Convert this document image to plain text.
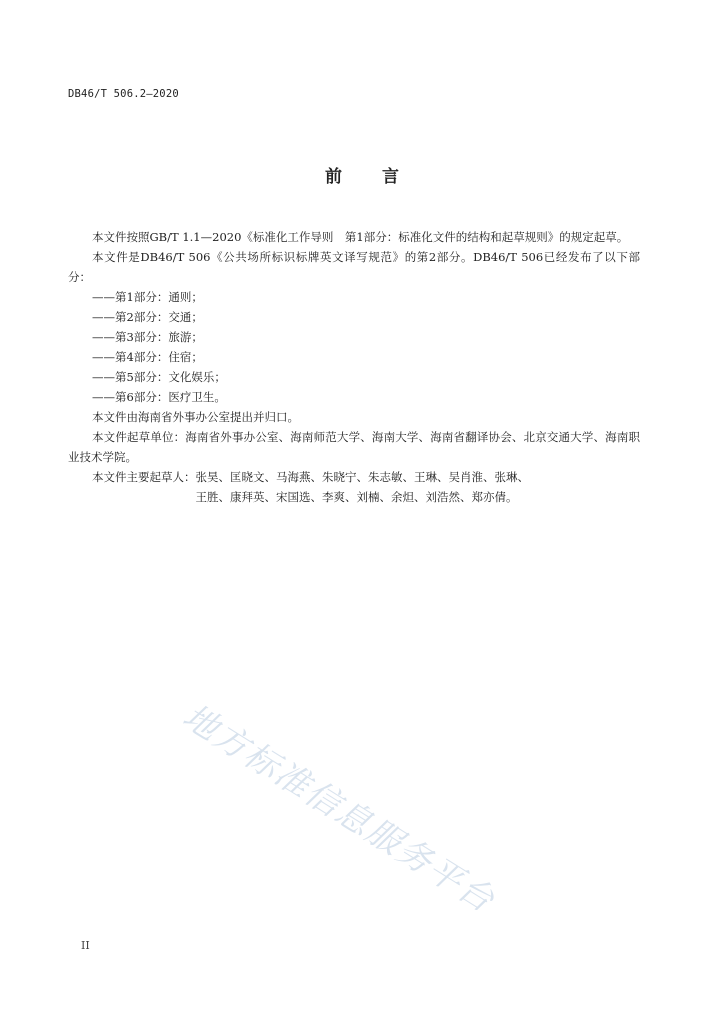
DB46/T 506.2—2020
前 言

本文件按照GB/T 1.1—2020《标准化工作导则　第1部分：标准化文件的结构和起草规则》的规定起草。

本文件是DB46/T 506《公共场所标识标牌英文译写规范》的第2部分。DB46/T 506已经发布了以下部分：

——第1部分：通则；

——第2部分：交通；

——第3部分：旅游；

——第4部分：住宿；

——第5部分：文化娱乐；

——第6部分：医疗卫生。

本文件由海南省外事办公室提出并归口。

本文件起草单位：海南省外事办公室、海南师范大学、海南大学、海南省翻译协会、北京交通大学、海南职业技术学院。

本文件主要起草人： 张昊、匡晓文、马海燕、朱晓宁、朱志敏、王琳、吴肖淮、张琳、
王胜、康拜英、宋国选、李爽、刘楠、余炟、刘浩然、郑亦倩。
地方标准信息服务平台
II
